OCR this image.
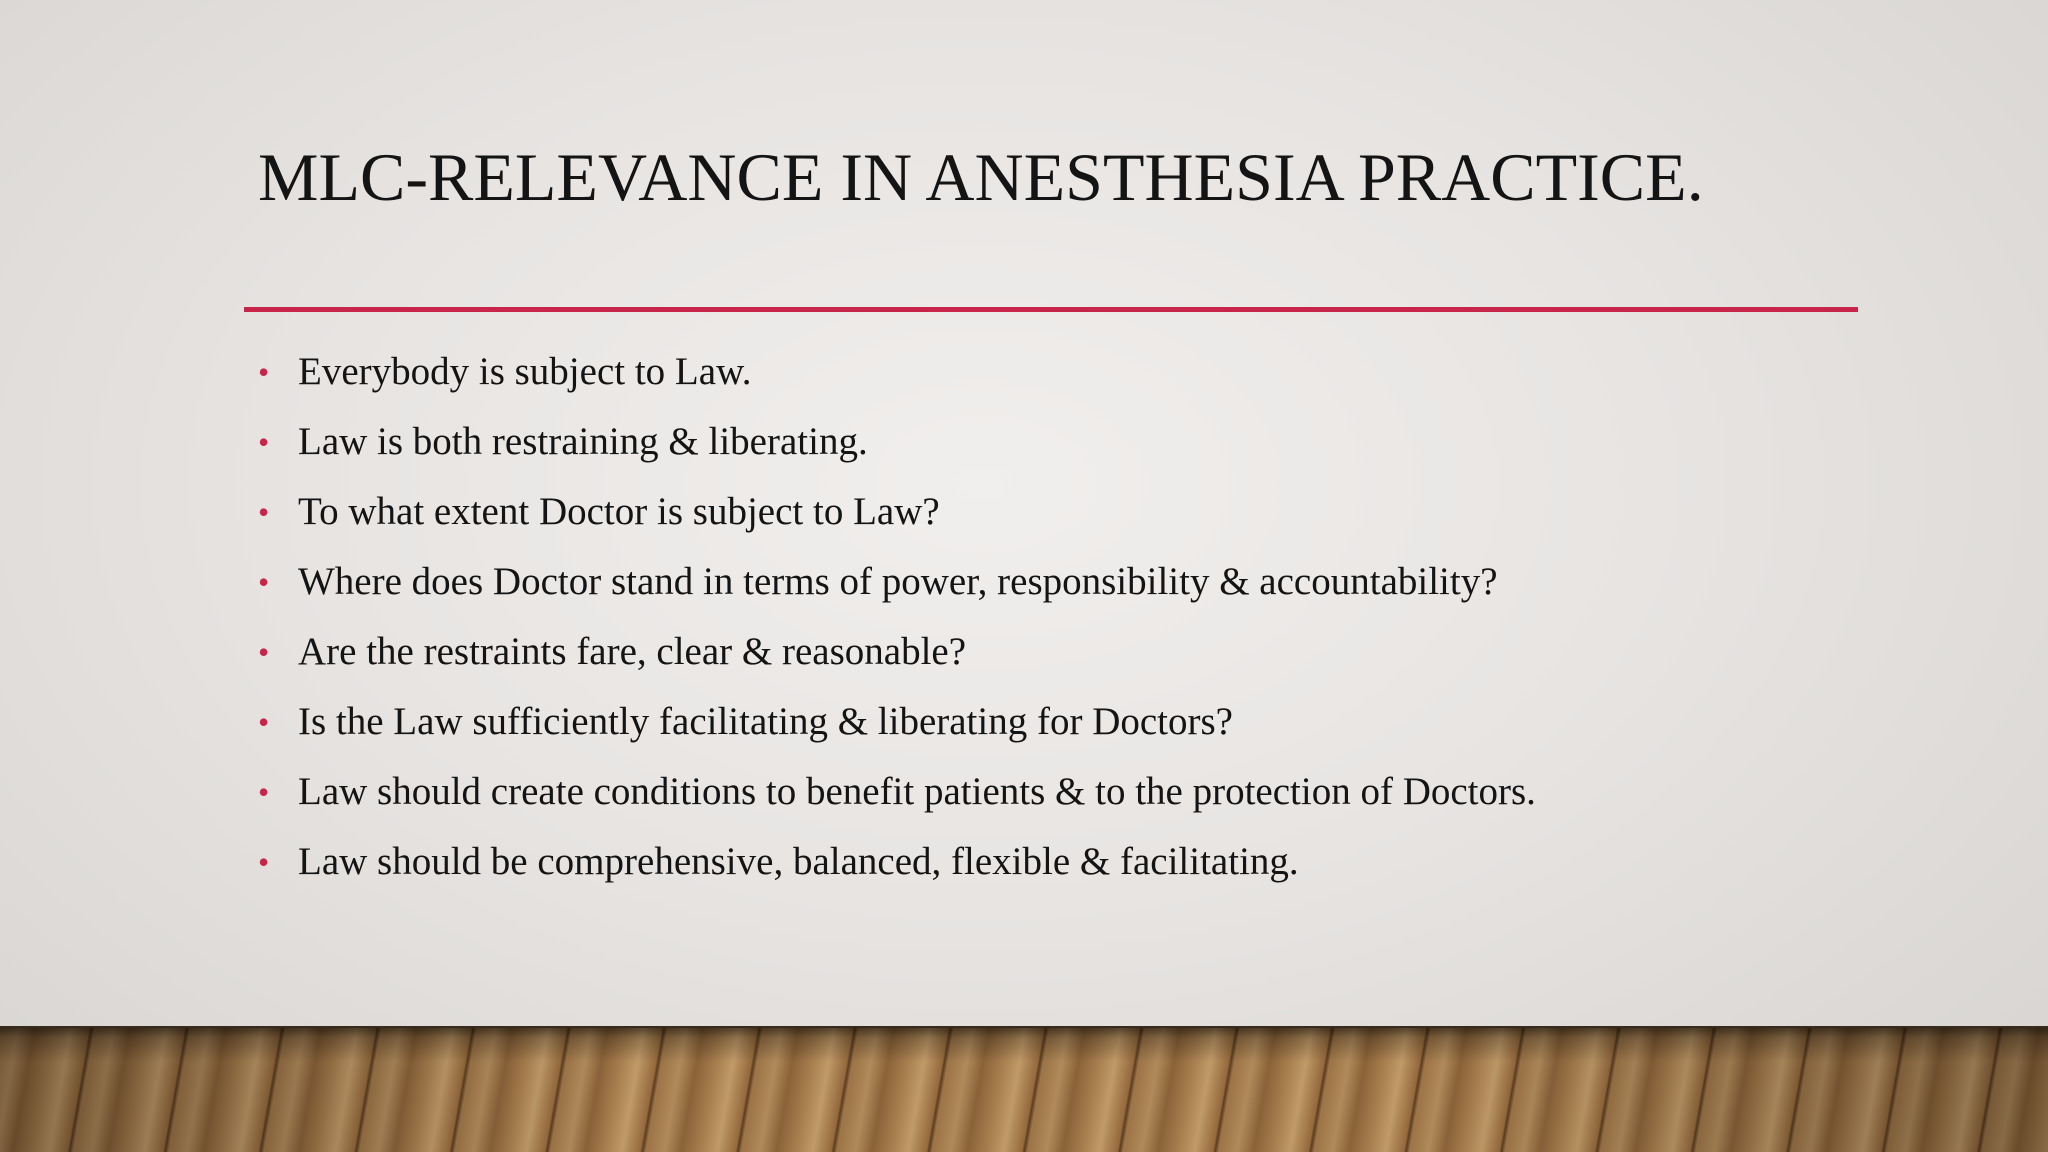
MLC-RELEVANCE IN ANESTHESIA PRACTICE.
• Everybody is subject to Law.
• Law is both restraining & liberating.
• To what extent Doctor is subject to Law?
• Where does Doctor stand in terms of power, responsibility & accountability?
• Are the restraints fare, clear & reasonable?
• Is the Law sufficiently facilitating & liberating for Doctors?
• Law should create conditions to benefit patients & to the protection of Doctors.
• Law should be comprehensive, balanced, flexible & facilitating.
